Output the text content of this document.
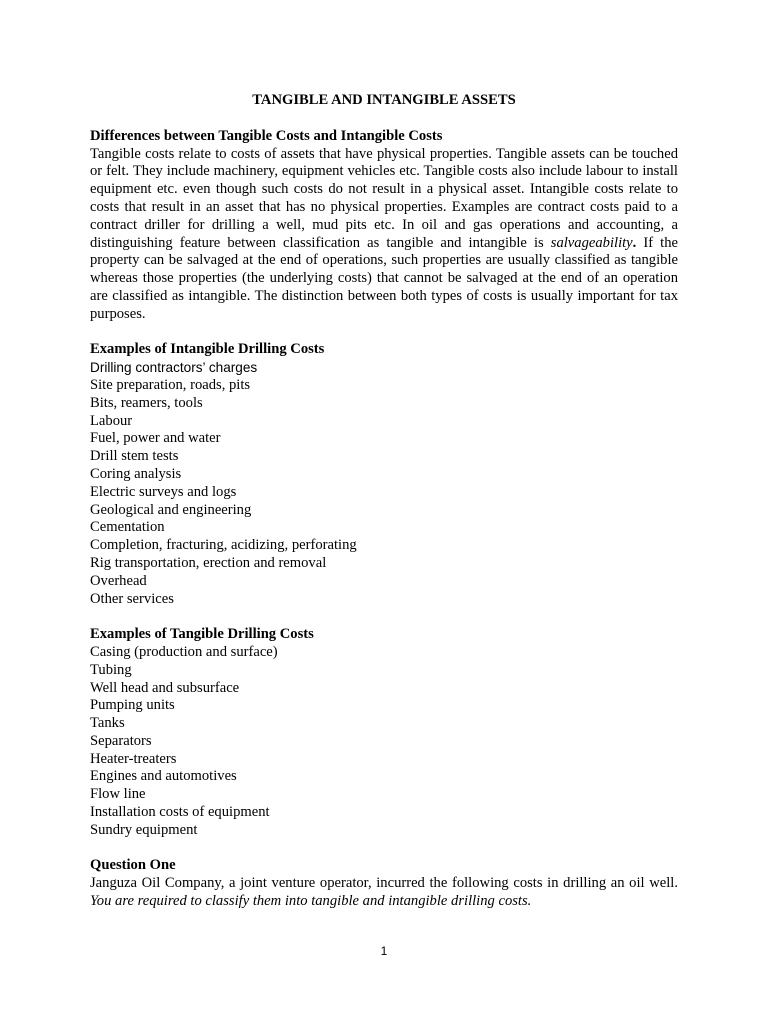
TANGIBLE AND INTANGIBLE ASSETS
Differences between Tangible Costs and Intangible Costs

Tangible costs relate to costs of assets that have physical properties. Tangible assets can be touched or felt. They include machinery, equipment vehicles etc. Tangible costs also include labour to install equipment etc. even though such costs do not result in a physical asset. Intangible costs relate to costs that result in an asset that has no physical properties. Examples are contract costs paid to a contract driller for drilling a well, mud pits etc. In oil and gas operations and accounting, a distinguishing feature between classification as tangible and intangible is salvageability. If the property can be salvaged at the end of operations, such properties are usually classified as tangible whereas those properties (the underlying costs) that cannot be salvaged at the end of an operation are classified as intangible. The distinction between both types of costs is usually important for tax purposes.

Examples of Intangible Drilling Costs
Drilling contractors’ charges
Site preparation, roads, pits
Bits, reamers, tools
Labour
Fuel, power and water
Drill stem tests
Coring analysis
Electric surveys and logs
Geological and engineering
Cementation
Completion, fracturing, acidizing, perforating
Rig transportation, erection and removal
Overhead
Other services
Examples of Tangible Drilling Costs
Casing (production and surface)
Tubing
Well head and subsurface
Pumping units
Tanks
Separators
Heater-treaters
Engines and automotives
Flow line
Installation costs of equipment
Sundry equipment
Question One

Janguza Oil Company, a joint venture operator, incurred the following costs in drilling an oil well. You are required to classify them into tangible and intangible drilling costs.

1
